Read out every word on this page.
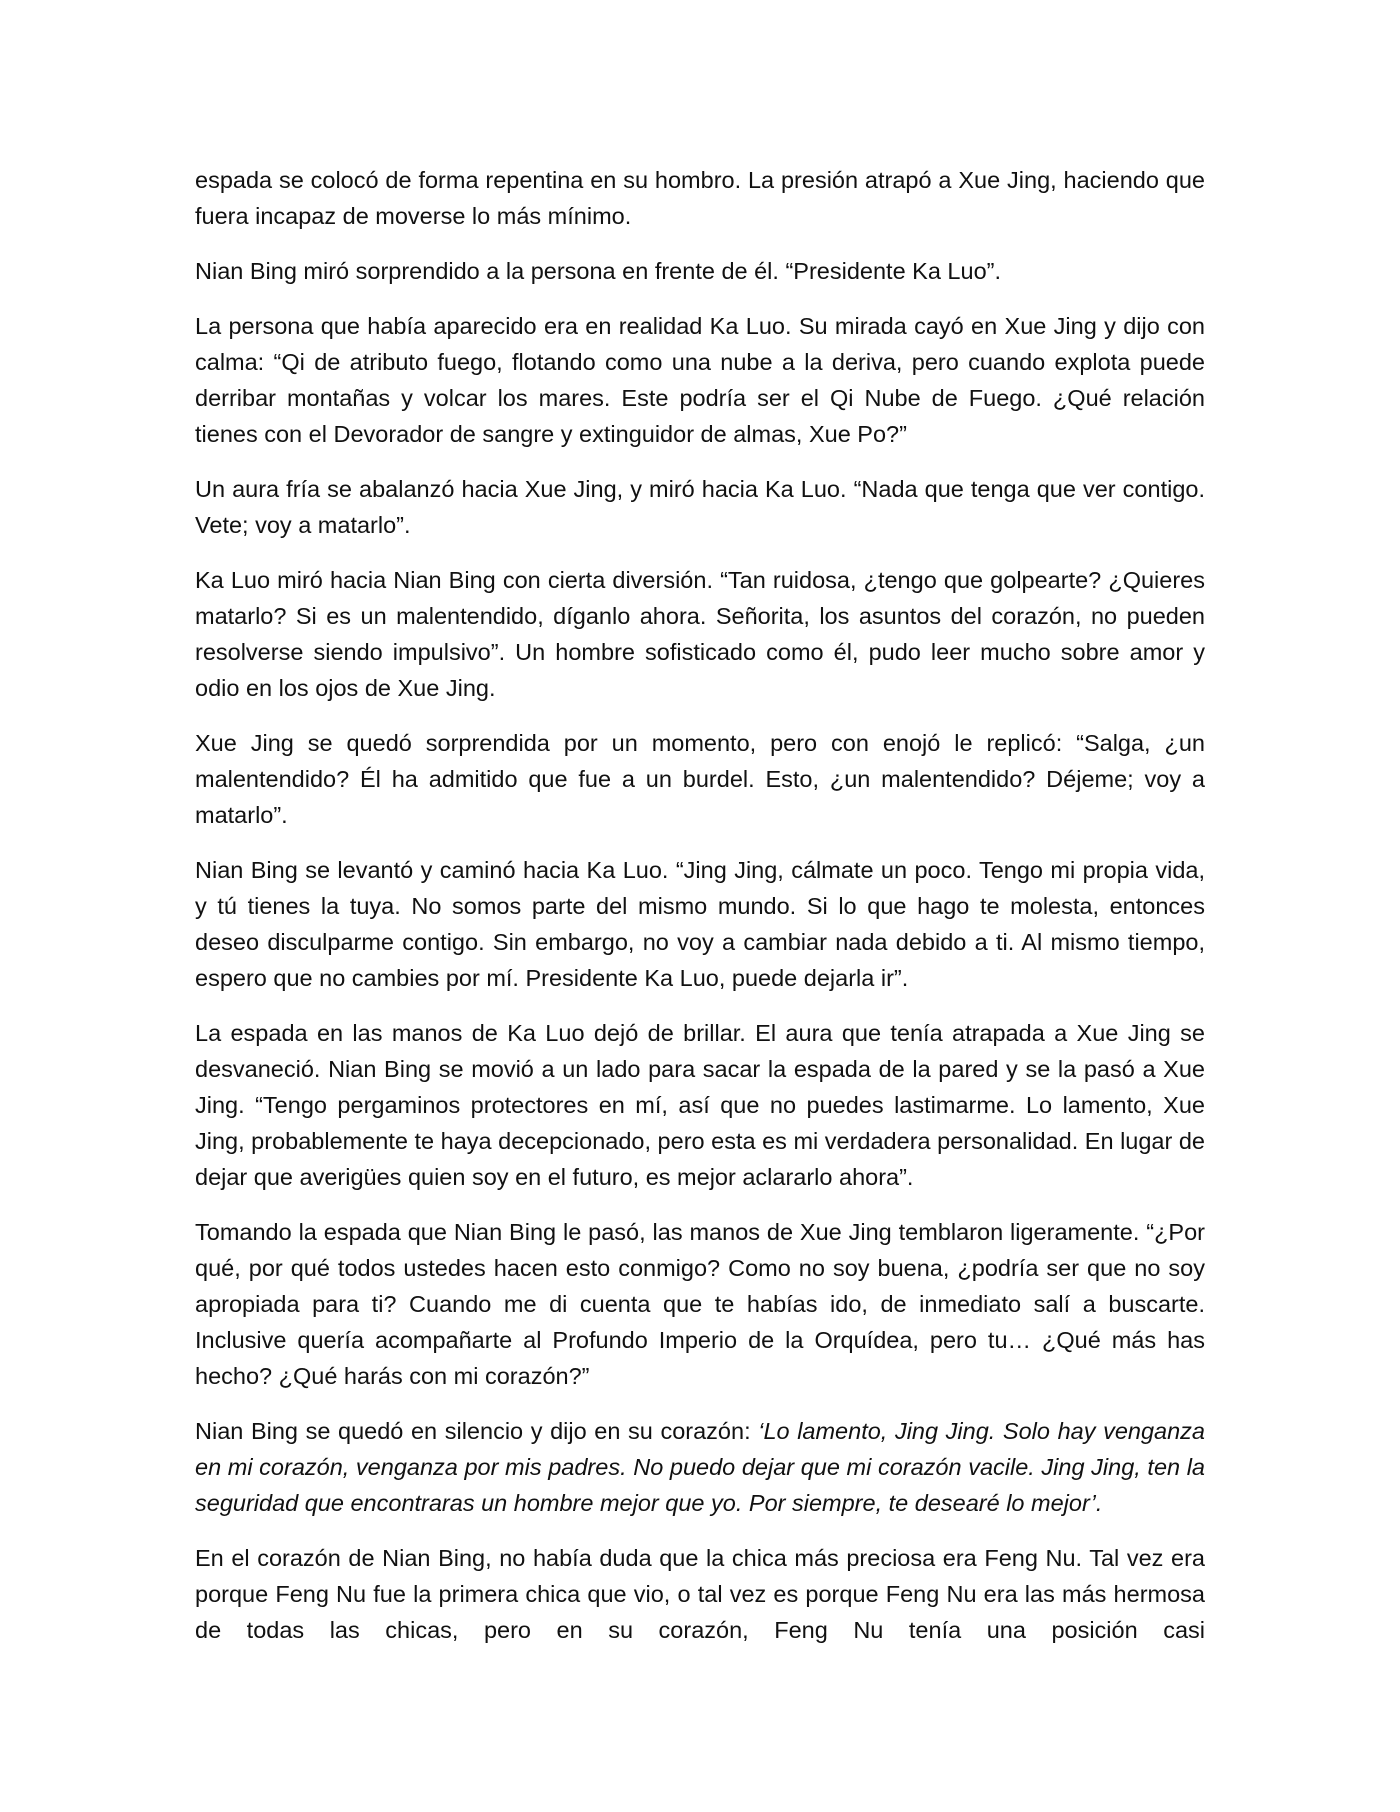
espada se colocó de forma repentina en su hombro. La presión atrapó a Xue Jing, haciendo que fuera incapaz de moverse lo más mínimo.

Nian Bing miró sorprendido a la persona en frente de él. “Presidente Ka Luo”.

La persona que había aparecido era en realidad Ka Luo. Su mirada cayó en Xue Jing y dijo con calma: “Qi de atributo fuego, flotando como una nube a la deriva, pero cuando explota puede derribar montañas y volcar los mares. Este podría ser el Qi Nube de Fuego. ¿Qué relación tienes con el Devorador de sangre y extinguidor de almas, Xue Po?”

Un aura fría se abalanzó hacia Xue Jing, y miró hacia Ka Luo. “Nada que tenga que ver contigo. Vete; voy a matarlo”.

Ka Luo miró hacia Nian Bing con cierta diversión. “Tan ruidosa, ¿tengo que golpearte? ¿Quieres matarlo? Si es un malentendido, díganlo ahora. Señorita, los asuntos del corazón, no pueden resolverse siendo impulsivo”. Un hombre sofisticado como él, pudo leer mucho sobre amor y odio en los ojos de Xue Jing.

Xue Jing se quedó sorprendida por un momento, pero con enojó le replicó: “Salga, ¿un malentendido? Él ha admitido que fue a un burdel. Esto, ¿un malentendido? Déjeme; voy a matarlo”.

Nian Bing se levantó y caminó hacia Ka Luo. “Jing Jing, cálmate un poco. Tengo mi propia vida, y tú tienes la tuya. No somos parte del mismo mundo. Si lo que hago te molesta, entonces deseo disculparme contigo. Sin embargo, no voy a cambiar nada debido a ti. Al mismo tiempo, espero que no cambies por mí. Presidente Ka Luo, puede dejarla ir”.

La espada en las manos de Ka Luo dejó de brillar. El aura que tenía atrapada a Xue Jing se desvaneció. Nian Bing se movió a un lado para sacar la espada de la pared y se la pasó a Xue Jing. “Tengo pergaminos protectores en mí, así que no puedes lastimarme. Lo lamento, Xue Jing, probablemente te haya decepcionado, pero esta es mi verdadera personalidad. En lugar de dejar que averigües quien soy en el futuro, es mejor aclararlo ahora”.

Tomando la espada que Nian Bing le pasó, las manos de Xue Jing temblaron ligeramente. “¿Por qué, por qué todos ustedes hacen esto conmigo? Como no soy buena, ¿podría ser que no soy apropiada para ti? Cuando me di cuenta que te habías ido, de inmediato salí a buscarte. Inclusive quería acompañarte al Profundo Imperio de la Orquídea, pero tu… ¿Qué más has hecho? ¿Qué harás con mi corazón?”

Nian Bing se quedó en silencio y dijo en su corazón: ‘Lo lamento, Jing Jing. Solo hay venganza en mi corazón, venganza por mis padres. No puedo dejar que mi corazón vacile. Jing Jing, ten la seguridad que encontraras un hombre mejor que yo. Por siempre, te desearé lo mejor’.

En el corazón de Nian Bing, no había duda que la chica más preciosa era Feng Nu. Tal vez era porque Feng Nu fue la primera chica que vio, o tal vez es porque Feng Nu era las más hermosa de todas las chicas, pero en su corazón, Feng Nu tenía una posición casi
